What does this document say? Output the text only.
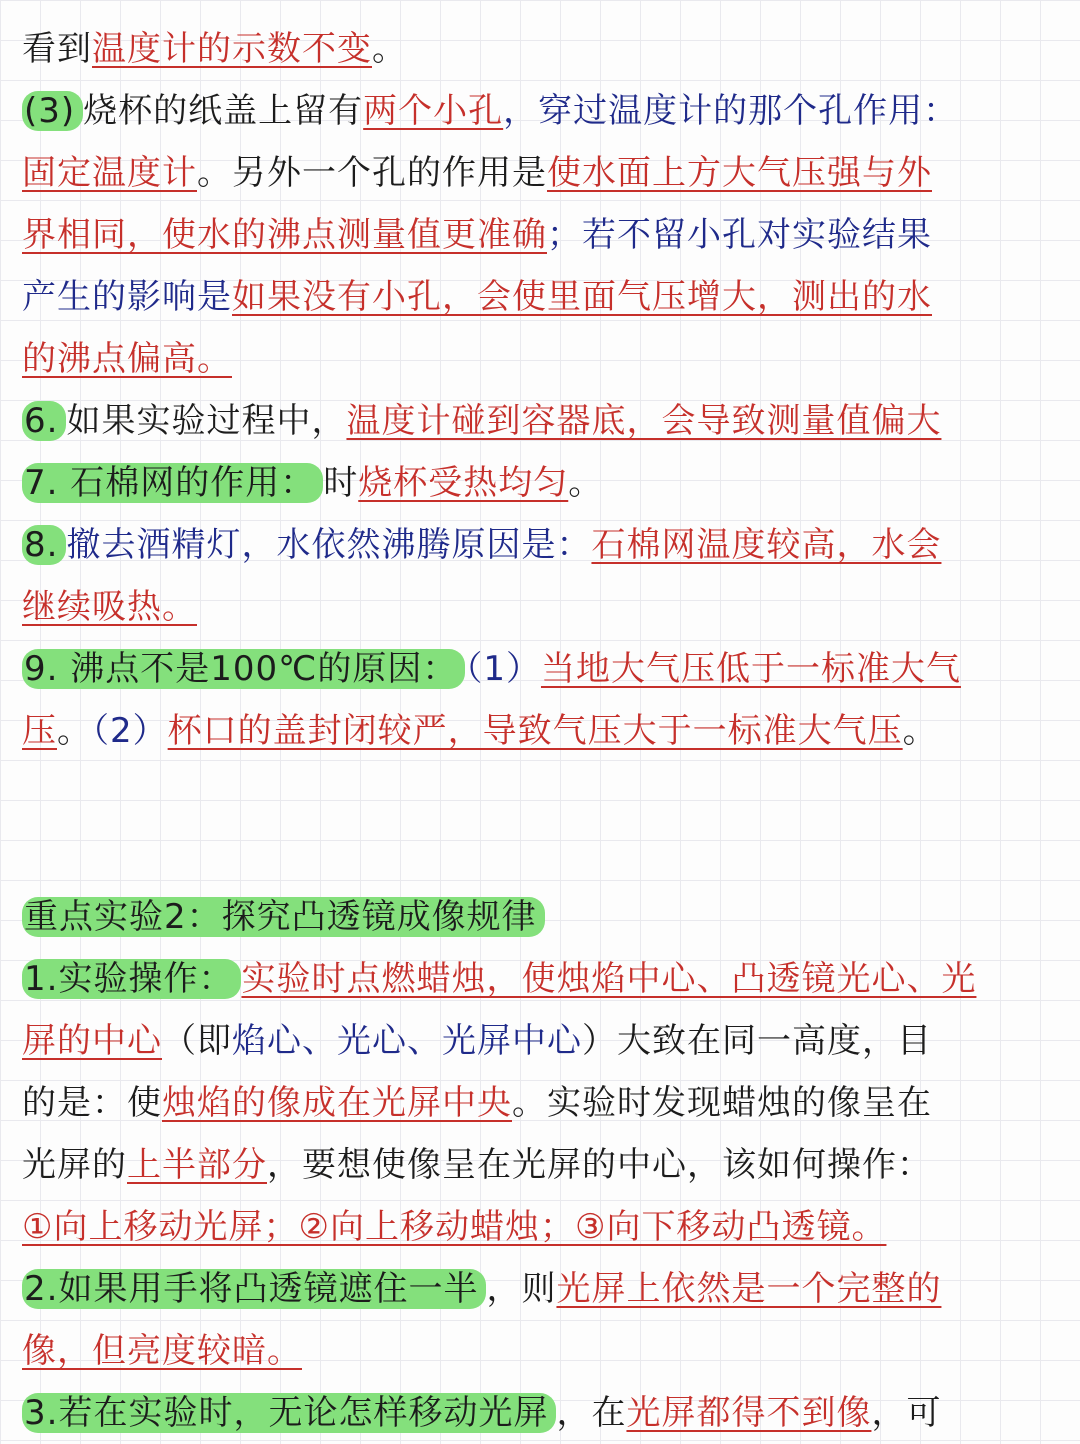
看到温度计的示数不变。
(3) 烧杯的纸盖上留有两个小孔，穿过温度计的那个孔作用：
固定温度计。另外一个孔的作用是使水面上方大气压强与外
界相同，使水的沸点测量值更准确；若不留小孔对实验结果
产生的影响是如果没有小孔，会使里面气压增大，测出的水
的沸点偏高。
6. 如果实验过程中，温度计碰到容器底，会导致测量值偏大
7. 石棉网的作用： 时烧杯受热均匀。
8. 撤去酒精灯，水依然沸腾原因是：石棉网温度较高，水会
继续吸热。
9. 沸点不是100℃的原因： （1）当地大气压低于一标准大气
压。（2）杯口的盖封闭较严，导致气压大于一标准大气压。
重点实验2：探究凸透镜成像规律
1.实验操作： 实验时点燃蜡烛，使烛焰中心、凸透镜光心、光
屏的中心（即焰心、光心、光屏中心）大致在同一高度，目
的是：使烛焰的像成在光屏中央。实验时发现蜡烛的像呈在
光屏的上半部分，要想使像呈在光屏的中心，该如何操作：
①向上移动光屏；②向上移动蜡烛；③向下移动凸透镜。
2.如果用手将凸透镜遮住一半 ，则光屏上依然是一个完整的
像，但亮度较暗。
3.若在实验时，无论怎样移动光屏 ，在光屏都得不到像，可
